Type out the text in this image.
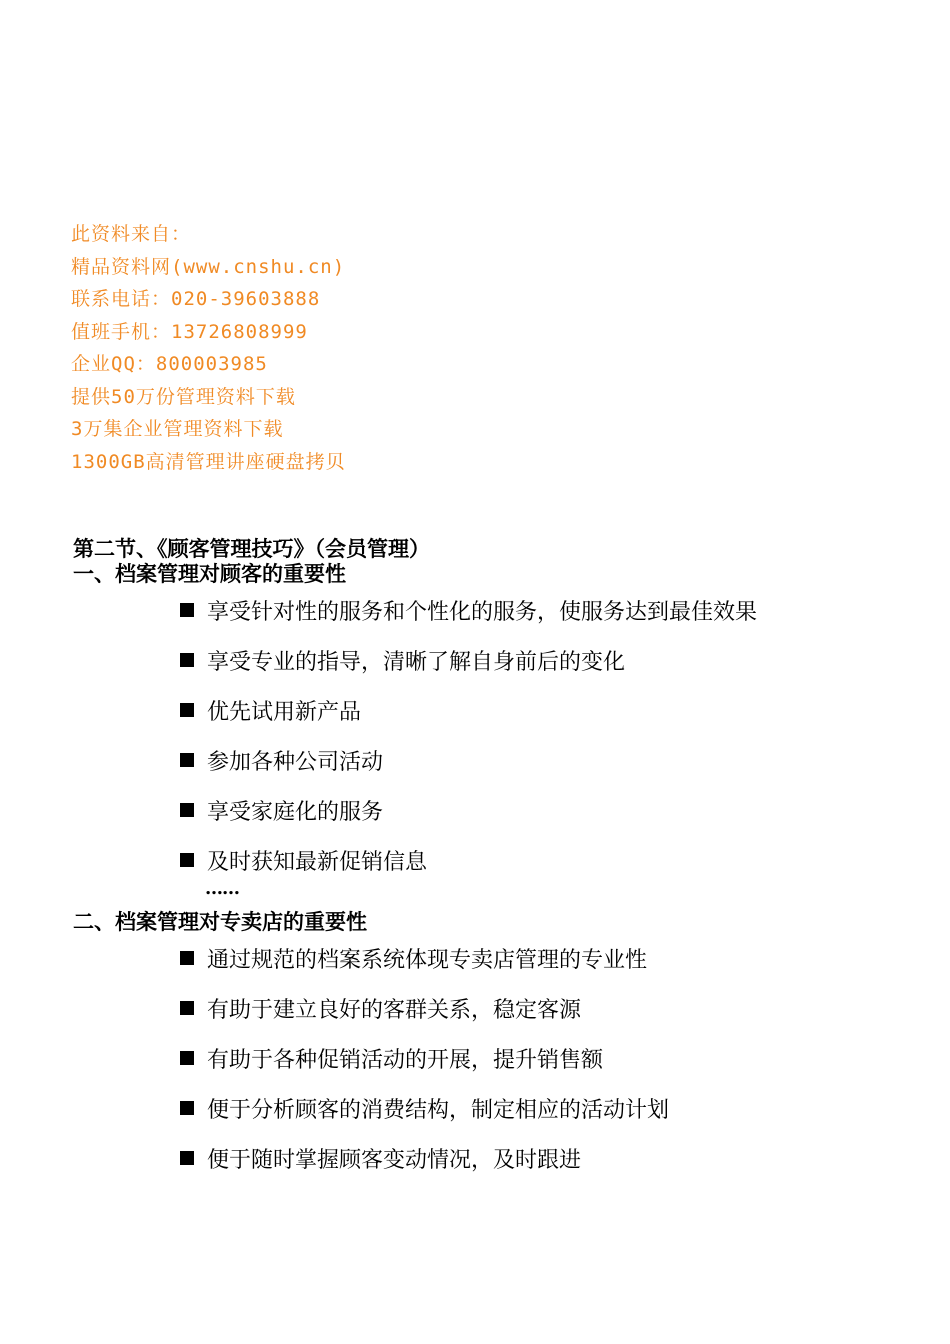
此资料来自：
精品资料网(www.cnshu.cn)
联系电话：020-39603888
值班手机：13726808999
企业QQ：800003985
提供50万份管理资料下载
3万集企业管理资料下载
1300GB高清管理讲座硬盘拷贝
第二节、《顾客管理技巧》（会员管理）
一、档案管理对顾客的重要性
享受针对性的服务和个性化的服务，使服务达到最佳效果
享受专业的指导，清晰了解自身前后的变化
优先试用新产品
参加各种公司活动
享受家庭化的服务
及时获知最新促销信息
……
二、档案管理对专卖店的重要性
通过规范的档案系统体现专卖店管理的专业性
有助于建立良好的客群关系，稳定客源
有助于各种促销活动的开展，提升销售额
便于分析顾客的消费结构，制定相应的活动计划
便于随时掌握顾客变动情况，及时跟进
